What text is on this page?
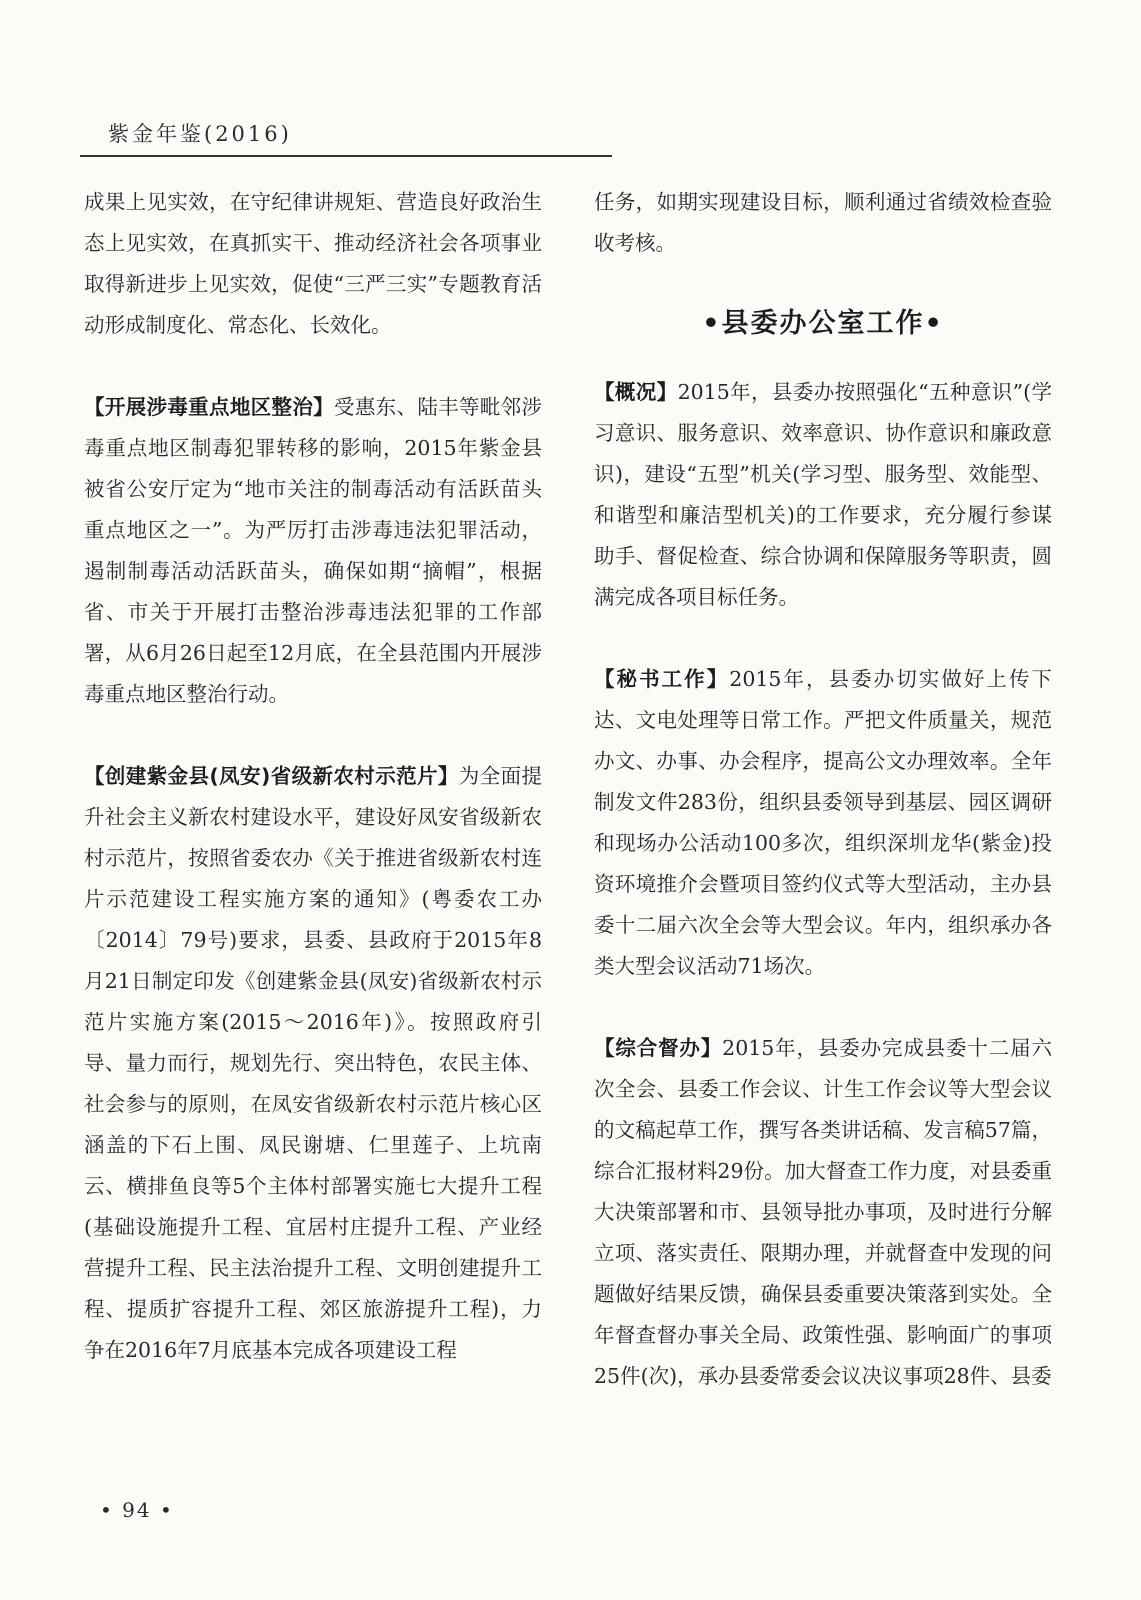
紫金年鉴(2016)

成果上见实效，在守纪律讲规矩、营造良好政治生态上见实效，在真抓实干、推动经济社会各项事业取得新进步上见实效，促使“三严三实”专题教育活动形成制度化、常态化、长效化。

【开展涉毒重点地区整治】受惠东、陆丰等毗邻涉毒重点地区制毒犯罪转移的影响，2015年紫金县被省公安厅定为“地市关注的制毒活动有活跃苗头重点地区之一”。为严厉打击涉毒违法犯罪活动，遏制制毒活动活跃苗头，确保如期“摘帽”，根据省、市关于开展打击整治涉毒违法犯罪的工作部署，从6月26日起至12月底，在全县范围内开展涉毒重点地区整治行动。

【创建紫金县(凤安)省级新农村示范片】为全面提升社会主义新农村建设水平，建设好凤安省级新农村示范片，按照省委农办《关于推进省级新农村连片示范建设工程实施方案的通知》(粤委农工办〔2014〕79号)要求，县委、县政府于2015年8月21日制定印发《创建紫金县(凤安)省级新农村示范片实施方案(2015～2016年)》。按照政府引导、量力而行，规划先行、突出特色，农民主体、社会参与的原则，在凤安省级新农村示范片核心区涵盖的下石上围、凤民谢塘、仁里莲子、上坑南云、横排鱼良等5个主体村部署实施七大提升工程(基础设施提升工程、宜居村庄提升工程、产业经营提升工程、民主法治提升工程、文明创建提升工程、提质扩容提升工程、郊区旅游提升工程)，力争在2016年7月底基本完成各项建设工程

任务，如期实现建设目标，顺利通过省绩效检查验收考核。

•县委办公室工作•

【概况】2015年，县委办按照强化“五种意识”(学习意识、服务意识、效率意识、协作意识和廉政意识)，建设“五型”机关(学习型、服务型、效能型、和谐型和廉洁型机关)的工作要求，充分履行参谋助手、督促检查、综合协调和保障服务等职责，圆满完成各项目标任务。

【秘书工作】2015年，县委办切实做好上传下达、文电处理等日常工作。严把文件质量关，规范办文、办事、办会程序，提高公文办理效率。全年制发文件283份，组织县委领导到基层、园区调研和现场办公活动100多次，组织深圳龙华(紫金)投资环境推介会暨项目签约仪式等大型活动，主办县委十二届六次全会等大型会议。年内，组织承办各类大型会议活动71场次。

【综合督办】2015年，县委办完成县委十二届六次全会、县委工作会议、计生工作会议等大型会议的文稿起草工作，撰写各类讲话稿、发言稿57篇，综合汇报材料29份。加大督查工作力度，对县委重大决策部署和市、县领导批办事项，及时进行分解立项、落实责任、限期办理，并就督查中发现的问题做好结果反馈，确保县委重要决策落到实处。全年督查督办事关全局、政策性强、影响面广的事项25件(次)，承办县委常委会议决议事项28件、县委

• 94 •
